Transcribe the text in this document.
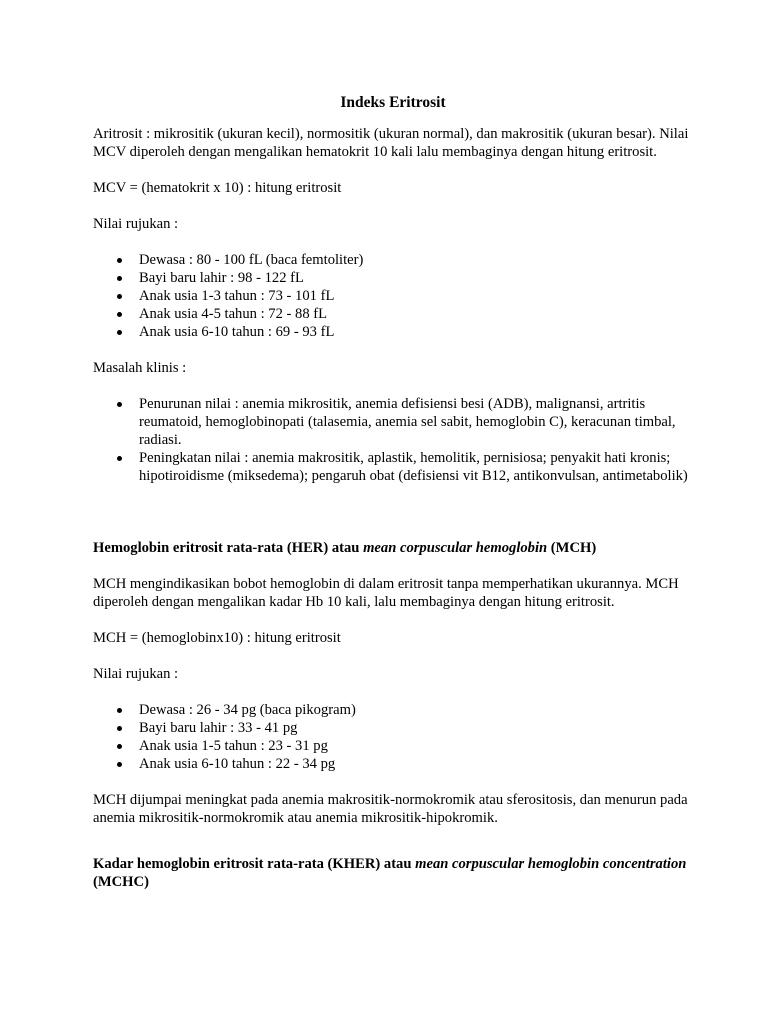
Indeks Eritrosit

Aritrosit : mikrositik (ukuran kecil), normositik (ukuran normal), dan makrositik (ukuran besar). Nilai MCV diperoleh dengan mengalikan hematokrit 10 kali lalu membaginya dengan hitung eritrosit.

MCV = (hematokrit x 10) : hitung eritrosit

Nilai rujukan :

Dewasa : 80 - 100 fL (baca femtoliter)
Bayi baru lahir : 98 - 122 fL
Anak usia 1-3 tahun : 73 - 101 fL
Anak usia 4-5 tahun : 72 - 88 fL
Anak usia 6-10 tahun : 69 - 93 fL

Masalah klinis :

Penurunan nilai : anemia mikrositik, anemia defisiensi besi (ADB), malignansi, artritis reumatoid, hemoglobinopati (talasemia, anemia sel sabit, hemoglobin C), keracunan timbal, radiasi.
Peningkatan nilai : anemia makrositik, aplastik, hemolitik, pernisiosa; penyakit hati kronis; hipotiroidisme (miksedema); pengaruh obat (defisiensi vit B12, antikonvulsan, antimetabolik)
Hemoglobin eritrosit rata-rata (HER) atau mean corpuscular hemoglobin (MCH)

MCH mengindikasikan bobot hemoglobin di dalam eritrosit tanpa memperhatikan ukurannya. MCH diperoleh dengan mengalikan kadar Hb 10 kali, lalu membaginya dengan hitung eritrosit.

MCH = (hemoglobinx10) : hitung eritrosit

Nilai rujukan :

Dewasa : 26 - 34 pg (baca pikogram)
Bayi baru lahir : 33 - 41 pg
Anak usia 1-5 tahun : 23 - 31 pg
Anak usia 6-10 tahun : 22 - 34 pg

MCH dijumpai meningkat pada anemia makrositik-normokromik atau sferositosis, dan menurun pada anemia mikrositik-normokromik atau anemia mikrositik-hipokromik.

Kadar hemoglobin eritrosit rata-rata (KHER) atau mean corpuscular hemoglobin concentration (MCHC)
